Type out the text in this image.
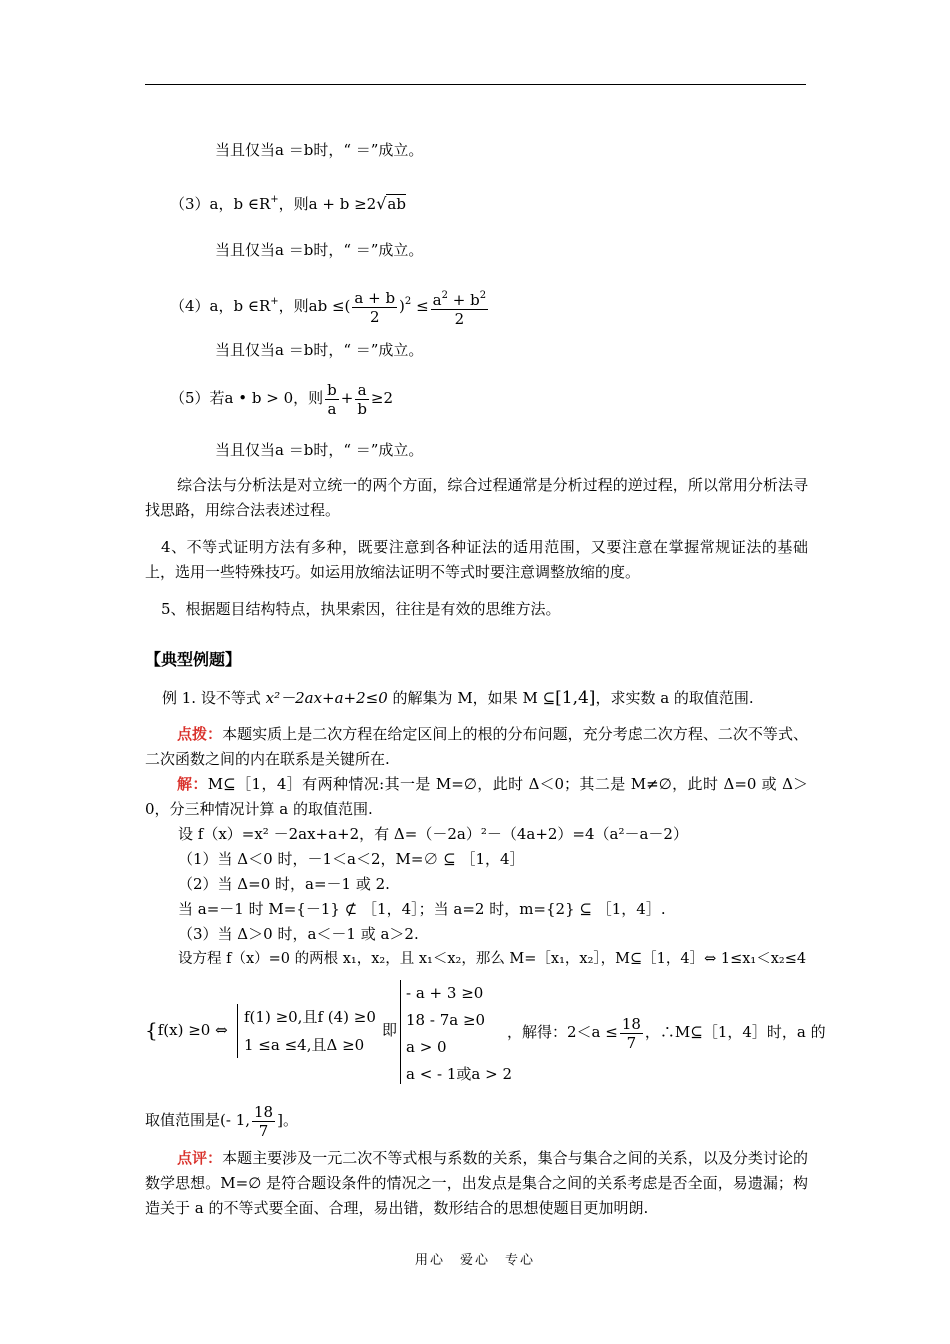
当且仅当a ＝b时，“ ＝”成立。
（3）a，b ∈R+，则a + b ≥2√ab
当且仅当a ＝b时，“ ＝”成立。
（4）a，b ∈R+，则ab ≤( $\frac{a + b}{2} )^2 \le \frac{a^2 + b^2}{2}$
当且仅当a ＝b时，“ ＝”成立。
（5）若a • b > 0，则 $\frac{b}{a} + \frac{a}{b} \ge 2$
当且仅当a ＝b时，“ ＝”成立。
综合法与分析法是对立统一的两个方面，综合过程通常是分析过程的逆过程，所以常用分析法寻找思路，用综合法表述过程。
4、不等式证明方法有多种，既要注意到各种证法的适用范围，又要注意在掌握常规证法的基础上，选用一些特殊技巧。如运用放缩法证明不等式时要注意调整放缩的度。
5、根据题目结构特点，执果索因，往往是有效的思维方法。
【典型例题】
例 1. 设不等式 x²－2ax+a+2≤0 的解集为 M，如果 M ⊆[1,4]，求实数 a 的取值范围.
点拨：本题实质上是二次方程在给定区间上的根的分布问题，充分考虑二次方程、二次不等式、二次函数之间的内在联系是关键所在.
解：M⊆［1，4］有两种情况:其一是 M=∅，此时 Δ＜0；其二是 M≠∅，此时 Δ=0 或 Δ＞0，分三种情况计算 a 的取值范围.
设 f（x）=x² －2ax+a+2，有 Δ=（－2a）²－（4a+2）=4（a²－a－2）
（1）当 Δ＜0 时，－1＜a＜2，M=∅ ⊆ ［1，4］
（2）当 Δ=0 时，a=－1 或 2.
当 a=－1 时 M={－1} ⊄ ［1，4］；当 a=2 时，m={2} ⊆ ［1，4］.
（3）当 Δ＞0 时，a＜－1 或 a＞2.
设方程 f（x）=0 的两根 x₁，x₂，且 x₁＜x₂，那么 M=［x₁，x₂］，M⊆［1，4］⇔ 1≤x₁＜x₂≤4
{f(x) ≥0 ⇔
f(1) ≥0,且f (4) ≥0
1 ≤a ≤4,且Δ ≥0
即
- a + 3 ≥0
18 - 7a ≥0
a > 0
a < - 1或a > 2
，解得：$2<a \le \frac{18}{7}$ ，∴M⊆［1，4］时，a 的
取值范围是(- 1, $\frac{18}{7}$ ]。
点评：本题主要涉及一元二次不等式根与系数的关系，集合与集合之间的关系，以及分类讨论的数学思想。M=∅ 是符合题设条件的情况之一，出发点是集合之间的关系考虑是否全面，易遗漏；构造关于 a 的不等式要全面、合理，易出错，数形结合的思想使题目更加明朗.
用心　爱心　专心
